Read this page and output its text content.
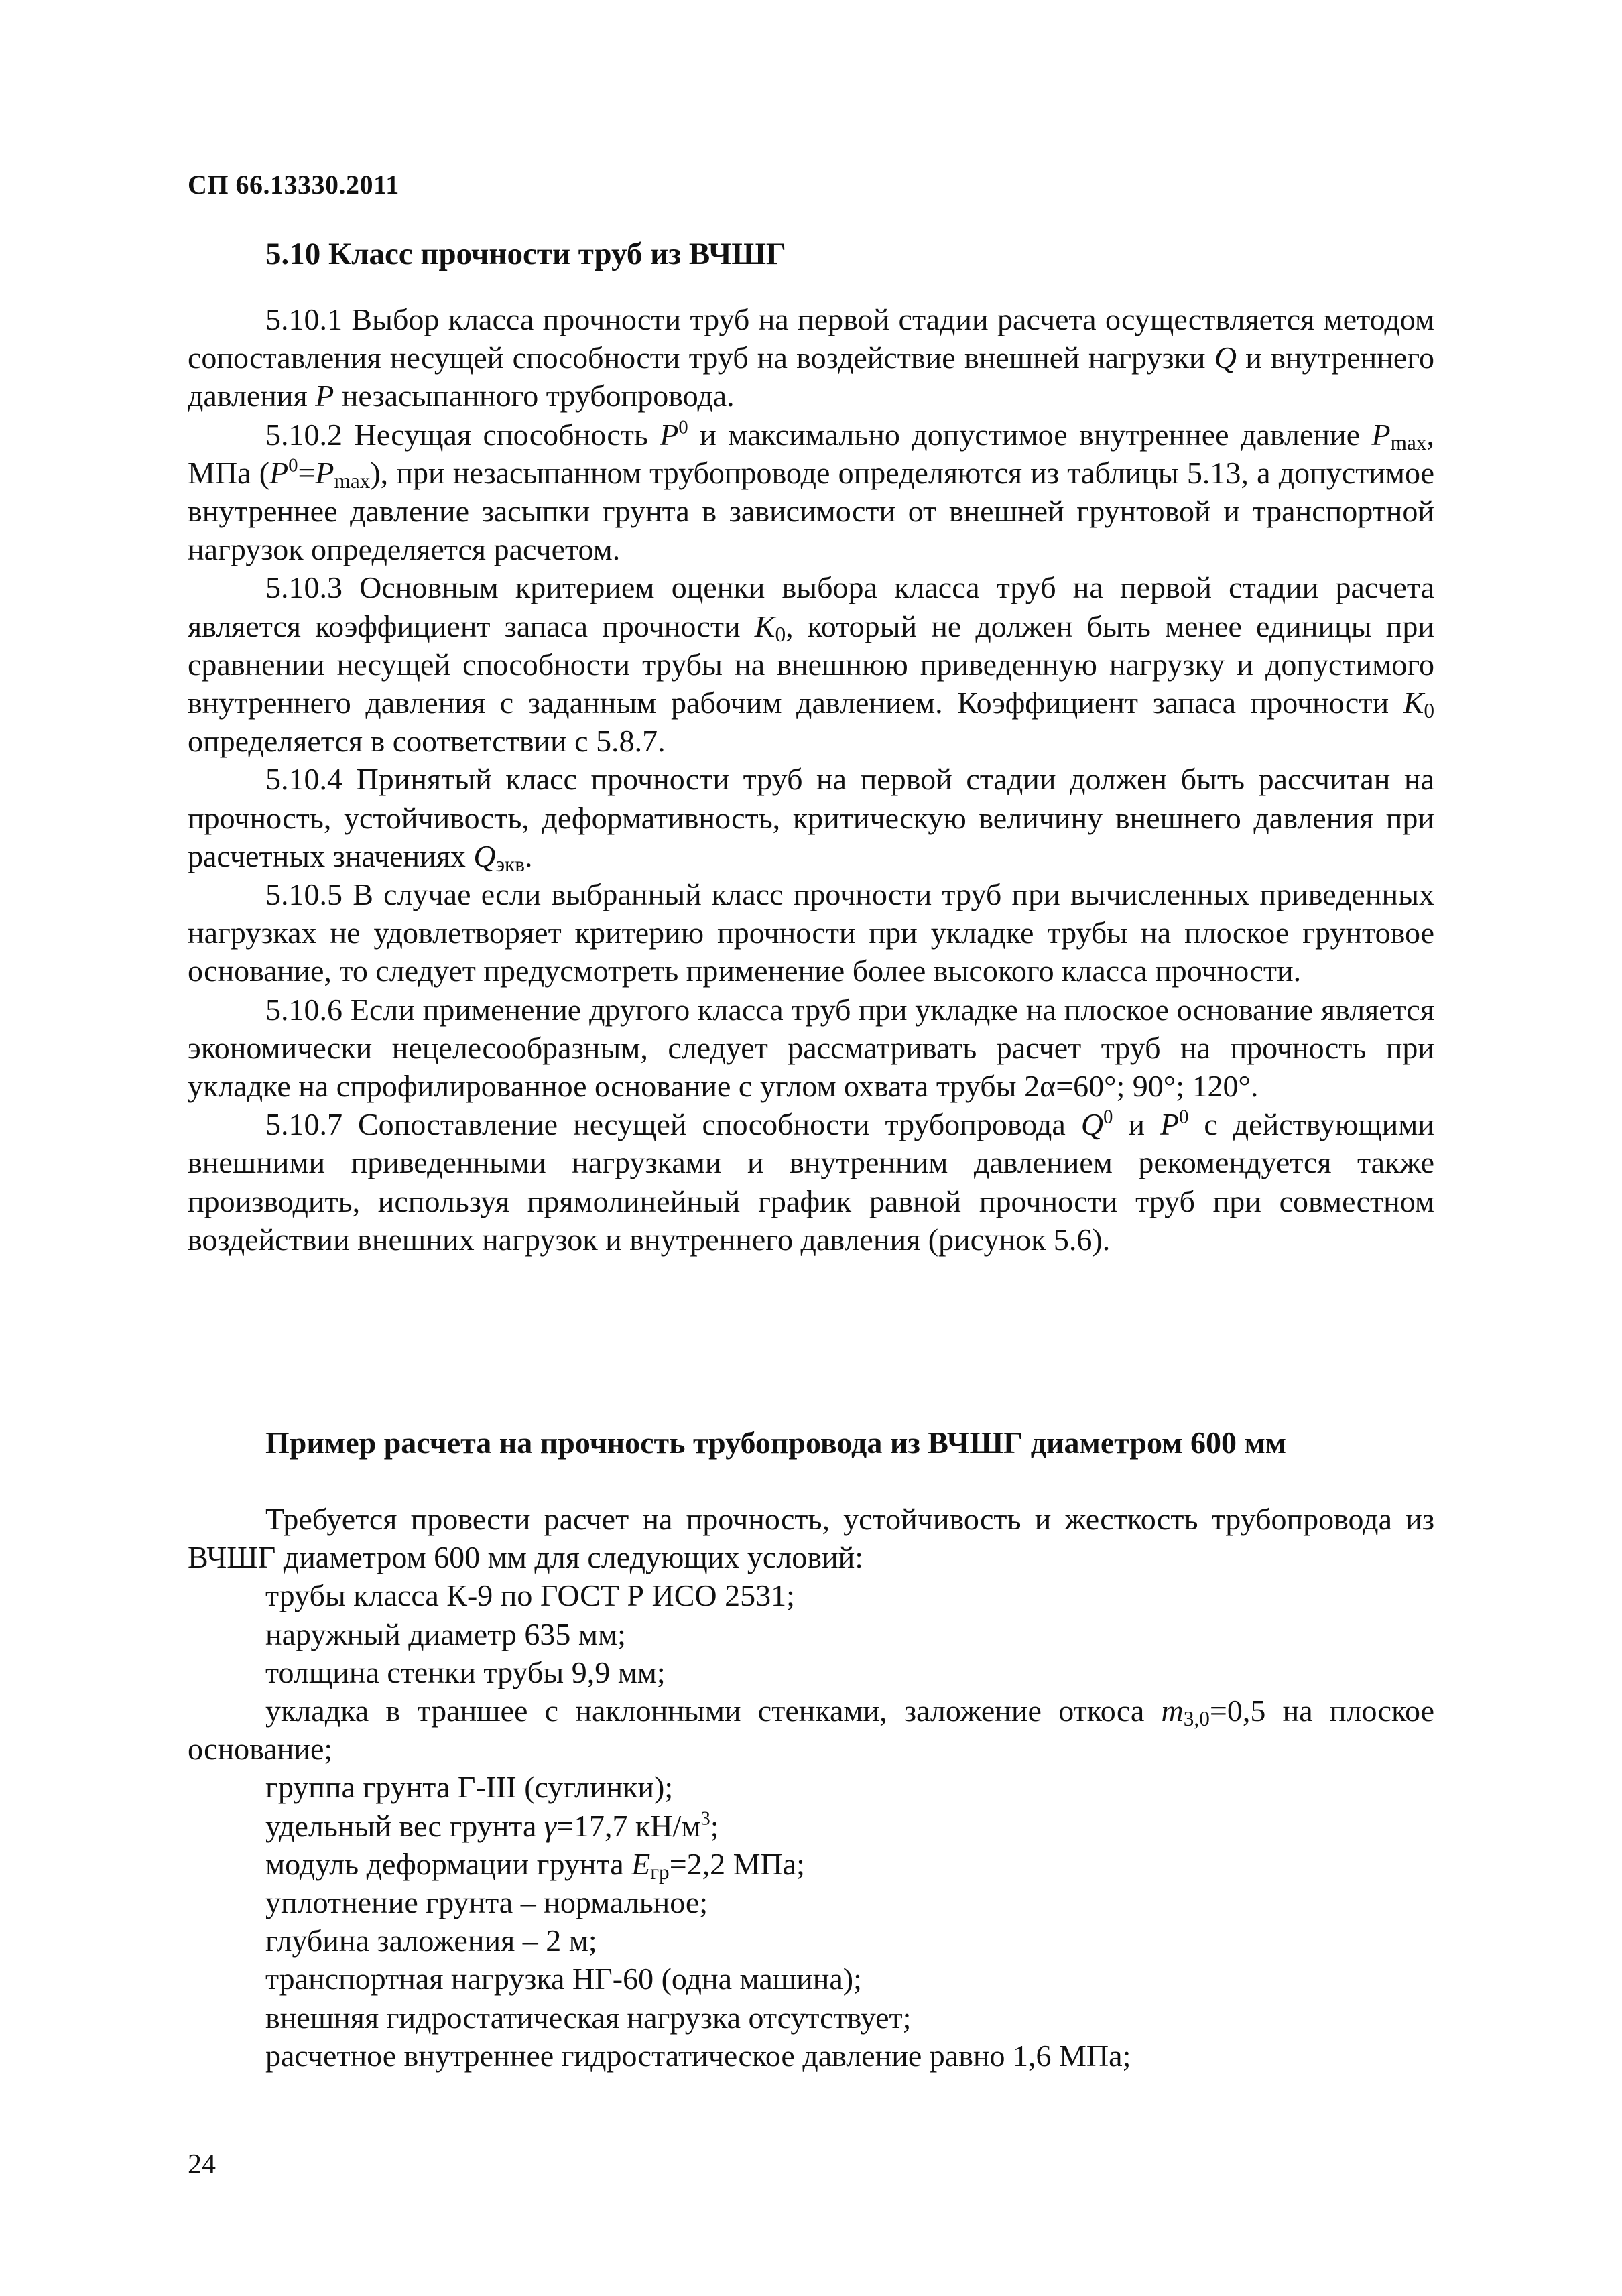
СП 66.13330.2011
5.10 Класс прочности труб из ВЧШГ

5.10.1 Выбор класса прочности труб на первой стадии расчета осуществляется методом сопоставления несущей способности труб на воздействие внешней нагрузки Q и внутреннего давления P незасыпанного трубопровода.

5.10.2 Несущая способность $P^0$ и максимально допустимое внутреннее давление $P_{max}$, МПа $(P^0=P_{max})$, при незасыпанном трубопроводе определяются из таблицы 5.13, а допустимое внутреннее давление засыпки грунта в зависимости от внешней грунтовой и транспортной нагрузок определяется расчетом.

5.10.3 Основным критерием оценки выбора класса труб на первой стадии расчета является коэффициент запаса прочности $K_0$, который не должен быть менее единицы при сравнении несущей способности трубы на внешнюю приведенную нагрузку и допустимого внутреннего давления с заданным рабочим давлением. Коэффициент запаса прочности $K_0$ определяется в соответствии с 5.8.7.

5.10.4 Принятый класс прочности труб на первой стадии должен быть рассчитан на прочность, устойчивость, деформативность, критическую величину внешнего давления при расчетных значениях $Q_{экв}$.

5.10.5 В случае если выбранный класс прочности труб при вычисленных приведенных нагрузках не удовлетворяет критерию прочности при укладке трубы на плоское грунтовое основание, то следует предусмотреть применение более высокого класса прочности.

5.10.6 Если применение другого класса труб при укладке на плоское основание является экономически нецелесообразным, следует рассматривать расчет труб на прочность при укладке на спрофилированное основание с углом охвата трубы 2α=60°; 90°; 120°.

5.10.7 Сопоставление несущей способности трубопровода $Q^0$ и $P^0$ с действующими внешними приведенными нагрузками и внутренним давлением рекомендуется также производить, используя прямолинейный график равной прочности труб при совместном воздействии внешних нагрузок и внутреннего давления (рисунок 5.6).

Пример расчета на прочность трубопровода из ВЧШГ диаметром 600 мм

Требуется провести расчет на прочность, устойчивость и жесткость трубопровода из ВЧШГ диаметром 600 мм для следующих условий:

трубы класса К-9 по ГОСТ Р ИСО 2531;
наружный диаметр 635 мм;
толщина стенки трубы 9,9 мм;
укладка в траншее с наклонными стенками, заложение откоса $m_{3,0}=0,5$ на плоское основание;
группа грунта Г-III (суглинки);
удельный вес грунта γ=17,7 $кН/м^3$;
модуль деформации грунта $E_{гр}=2,2$ МПа;
уплотнение грунта – нормальное;
глубина заложения – 2 м;
транспортная нагрузка НГ-60 (одна машина);
внешняя гидростатическая нагрузка отсутствует;
расчетное внутреннее гидростатическое давление равно 1,6 МПа;
24
